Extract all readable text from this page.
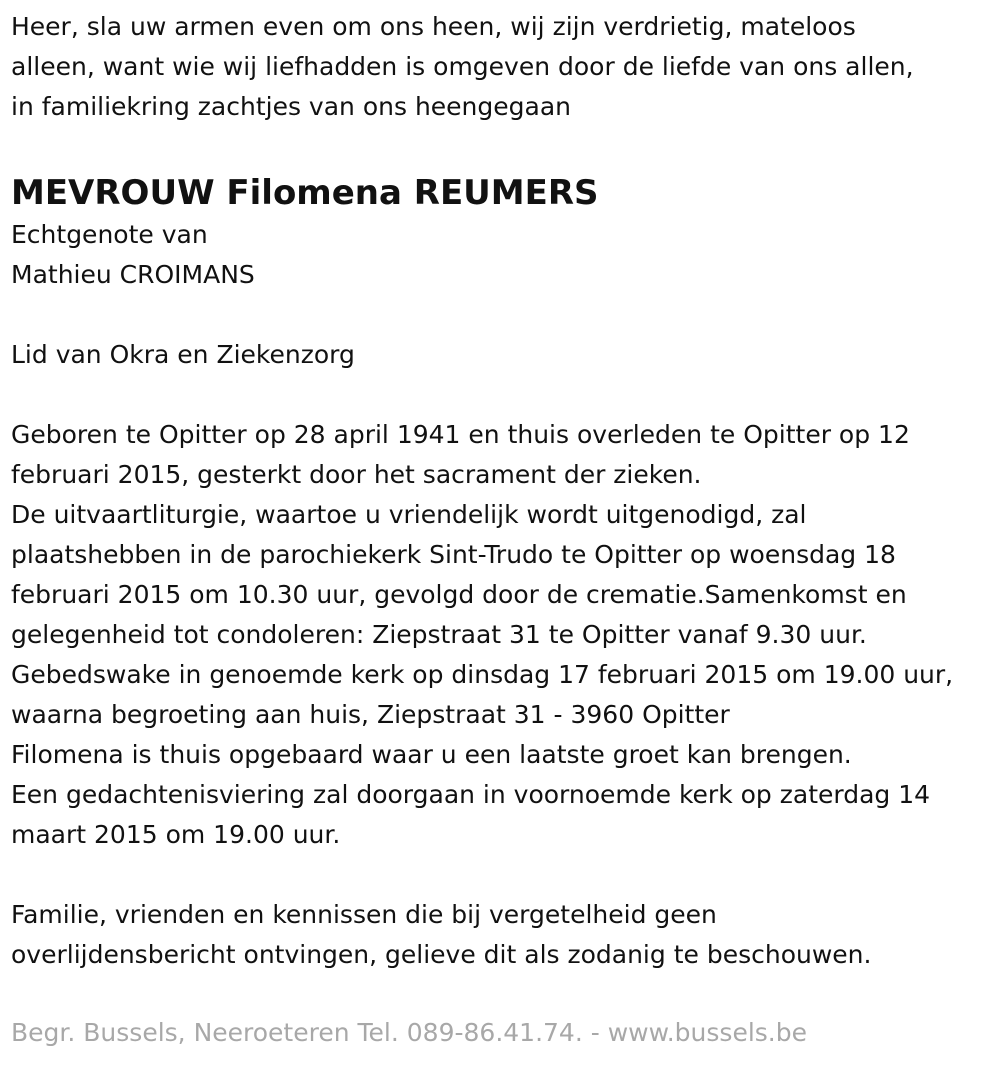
Heer, sla uw armen even om ons heen, wij zijn verdrietig, mateloos
alleen, want wie wij liefhadden is omgeven door de liefde van ons allen,
in familiekring zachtjes van ons heengegaan
MEVROUW Filomena REUMERS
Echtgenote van
Mathieu CROIMANS
Lid van Okra en Ziekenzorg
Geboren te Opitter op 28 april 1941 en thuis overleden te Opitter op 12
februari 2015, gesterkt door het sacrament der zieken.
De uitvaartliturgie, waartoe u vriendelijk wordt uitgenodigd, zal
plaatshebben in de parochiekerk Sint-Trudo te Opitter op woensdag 18
februari 2015 om 10.30 uur, gevolgd door de crematie.Samenkomst en
gelegenheid tot condoleren: Ziepstraat 31 te Opitter vanaf 9.30 uur.
Gebedswake in genoemde kerk op dinsdag 17 februari 2015 om 19.00 uur,
waarna begroeting aan huis, Ziepstraat 31 - 3960 Opitter
Filomena is thuis opgebaard waar u een laatste groet kan brengen.
Een gedachtenisviering zal doorgaan in voornoemde kerk op zaterdag 14
maart 2015 om 19.00 uur.
Familie, vrienden en kennissen die bij vergetelheid geen
overlijdensbericht ontvingen, gelieve dit als zodanig te beschouwen.
Begr. Bussels, Neeroeteren Tel. 089-86.41.74. - www.bussels.be
